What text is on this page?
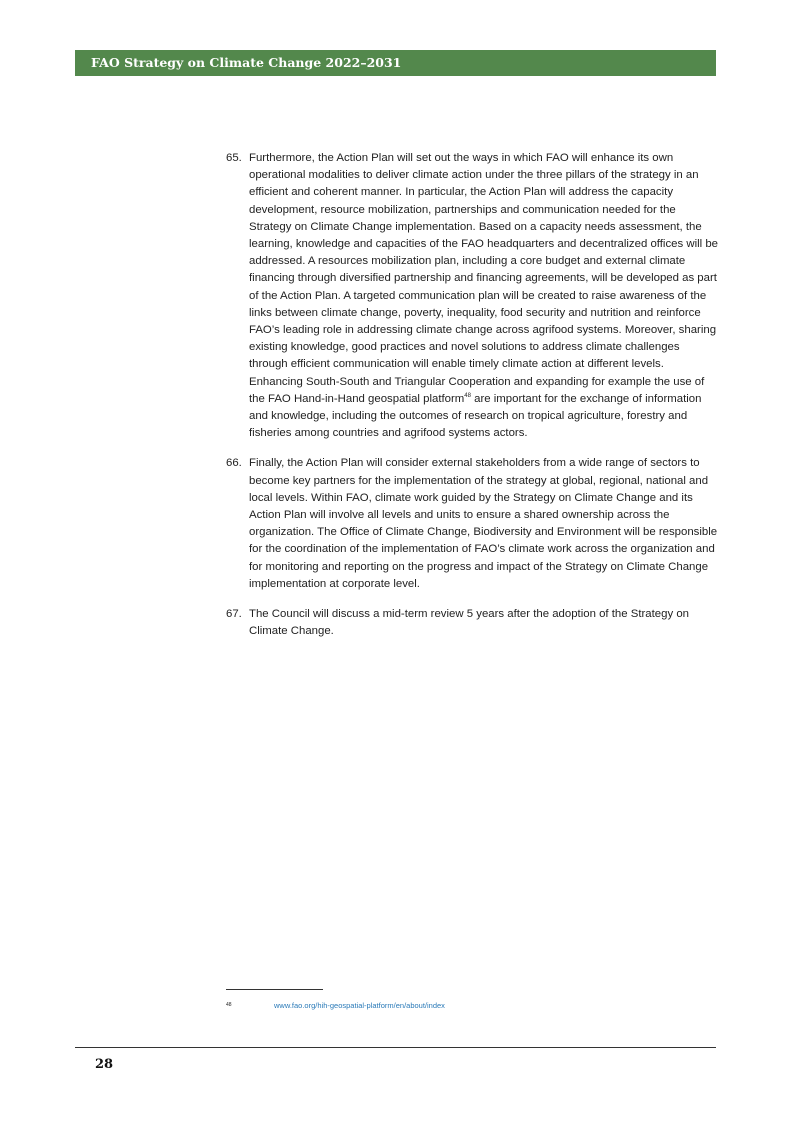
FAO Strategy on Climate Change 2022–2031
65. Furthermore, the Action Plan will set out the ways in which FAO will enhance its own operational modalities to deliver climate action under the three pillars of the strategy in an efficient and coherent manner. In particular, the Action Plan will address the capacity development, resource mobilization, partnerships and communication needed for the Strategy on Climate Change implementation. Based on a capacity needs assessment, the learning, knowledge and capacities of the FAO headquarters and decentralized offices will be addressed. A resources mobilization plan, including a core budget and external climate financing through diversified partnership and financing agreements, will be developed as part of the Action Plan. A targeted communication plan will be created to raise awareness of the links between climate change, poverty, inequality, food security and nutrition and reinforce FAO’s leading role in addressing climate change across agrifood systems. Moreover, sharing existing knowledge, good practices and novel solutions to address climate challenges through efficient communication will enable timely climate action at different levels. Enhancing South-South and Triangular Cooperation and expanding for example the use of the FAO Hand-in-Hand geospatial platform$^{48}$ are important for the exchange of information and knowledge, including the outcomes of research on tropical agriculture, forestry and fisheries among countries and agrifood systems actors.
66. Finally, the Action Plan will consider external stakeholders from a wide range of sectors to become key partners for the implementation of the strategy at global, regional, national and local levels. Within FAO, climate work guided by the Strategy on Climate Change and its Action Plan will involve all levels and units to ensure a shared ownership across the organization. The Office of Climate Change, Biodiversity and Environment will be responsible for the coordination of the implementation of FAO’s climate work across the organization and for monitoring and reporting on the progress and impact of the Strategy on Climate Change implementation at corporate level.
67. The Council will discuss a mid-term review 5 years after the adoption of the Strategy on Climate Change.
48	www.fao.org/hih-geospatial-platform/en/about/index
28
